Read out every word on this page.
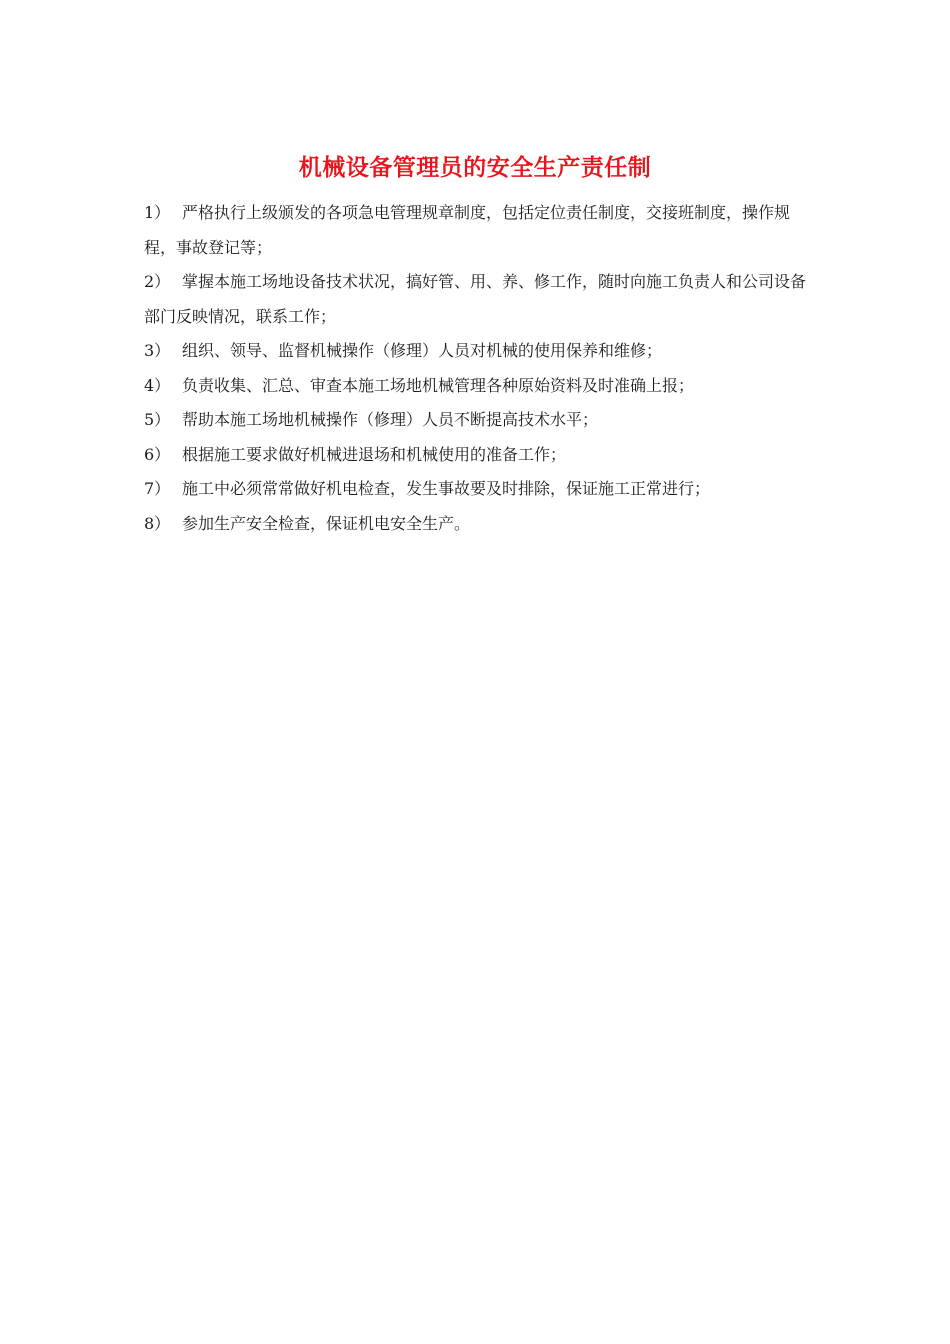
机械设备管理员的安全生产责任制

1） 严格执行上级颁发的各项急电管理规章制度，包括定位责任制度，交接班制度，操作规程，事故登记等；

2） 掌握本施工场地设备技术状况，搞好管、用、养、修工作，随时向施工负责人和公司设备部门反映情况，联系工作；

3） 组织、领导、监督机械操作（修理）人员对机械的使用保养和维修；

4） 负责收集、汇总、审查本施工场地机械管理各种原始资料及时准确上报；

5） 帮助本施工场地机械操作（修理）人员不断提高技术水平；

6） 根据施工要求做好机械进退场和机械使用的准备工作；

7） 施工中必须常常做好机电检查，发生事故要及时排除，保证施工正常进行；

8） 参加生产安全检查，保证机电安全生产。
